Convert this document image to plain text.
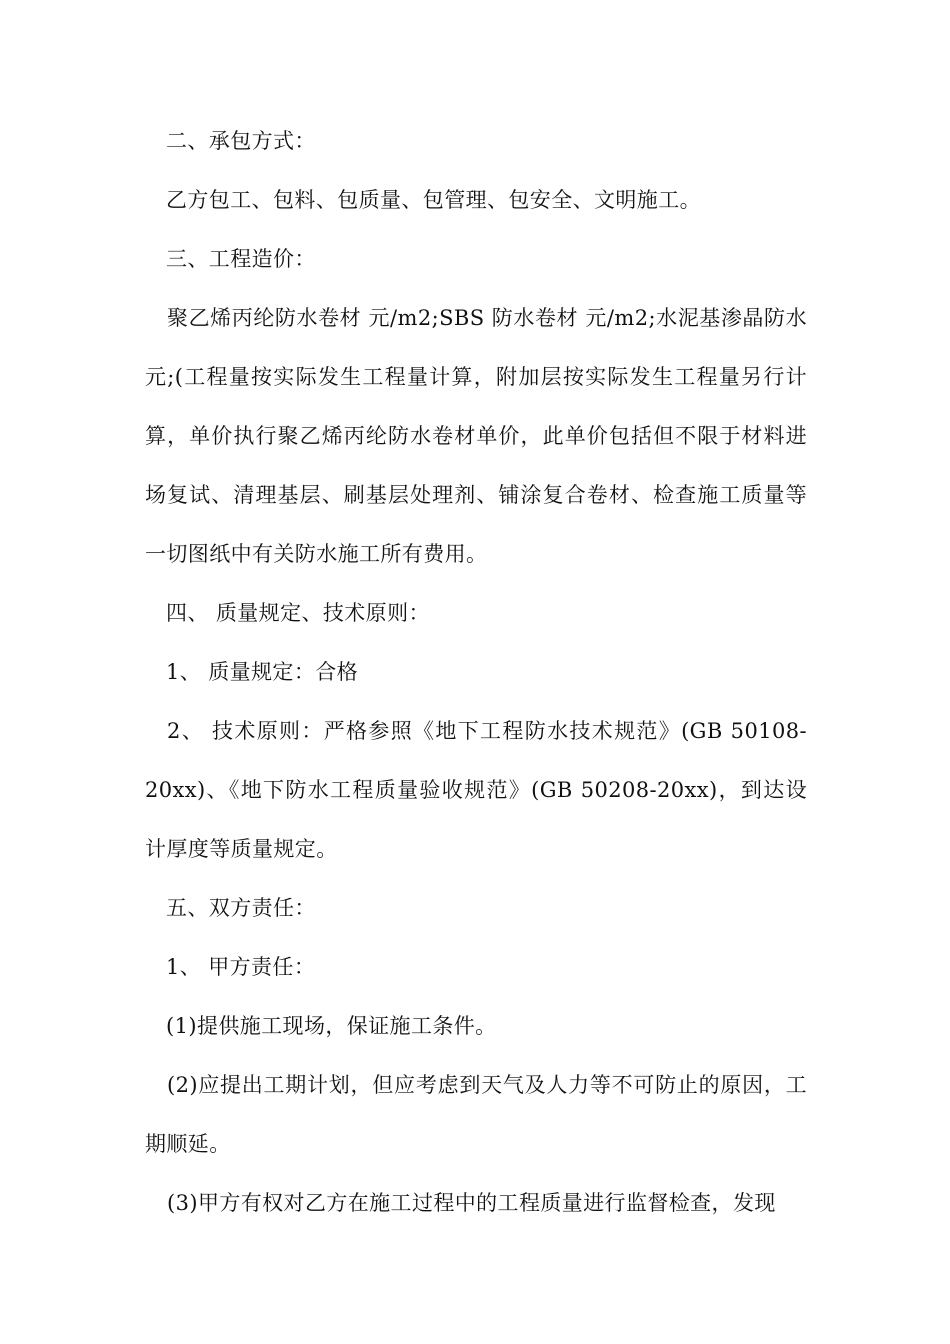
二、承包方式：

乙方包工、包料、包质量、包管理、包安全、文明施工。

三、工程造价：

聚乙烯丙纶防水卷材 元/m2;SBS 防水卷材 元/m2;水泥基渗晶防水元;(工程量按实际发生工程量计算，附加层按实际发生工程量另行计算，单价执行聚乙烯丙纶防水卷材单价，此单价包括但不限于材料进场复试、清理基层、刷基层处理剂、铺涂复合卷材、检查施工质量等一切图纸中有关防水施工所有费用。

四、 质量规定、技术原则：

1、 质量规定：合格

2、 技术原则：严格参照《地下工程防水技术规范》(GB 50108-20xx)、《地下防水工程质量验收规范》(GB 50208-20xx)，到达设计厚度等质量规定。

五、双方责任：

1、 甲方责任：

(1)提供施工现场，保证施工条件。

(2)应提出工期计划，但应考虑到天气及人力等不可防止的原因，工期顺延。

(3)甲方有权对乙方在施工过程中的工程质量进行监督检查，发现
